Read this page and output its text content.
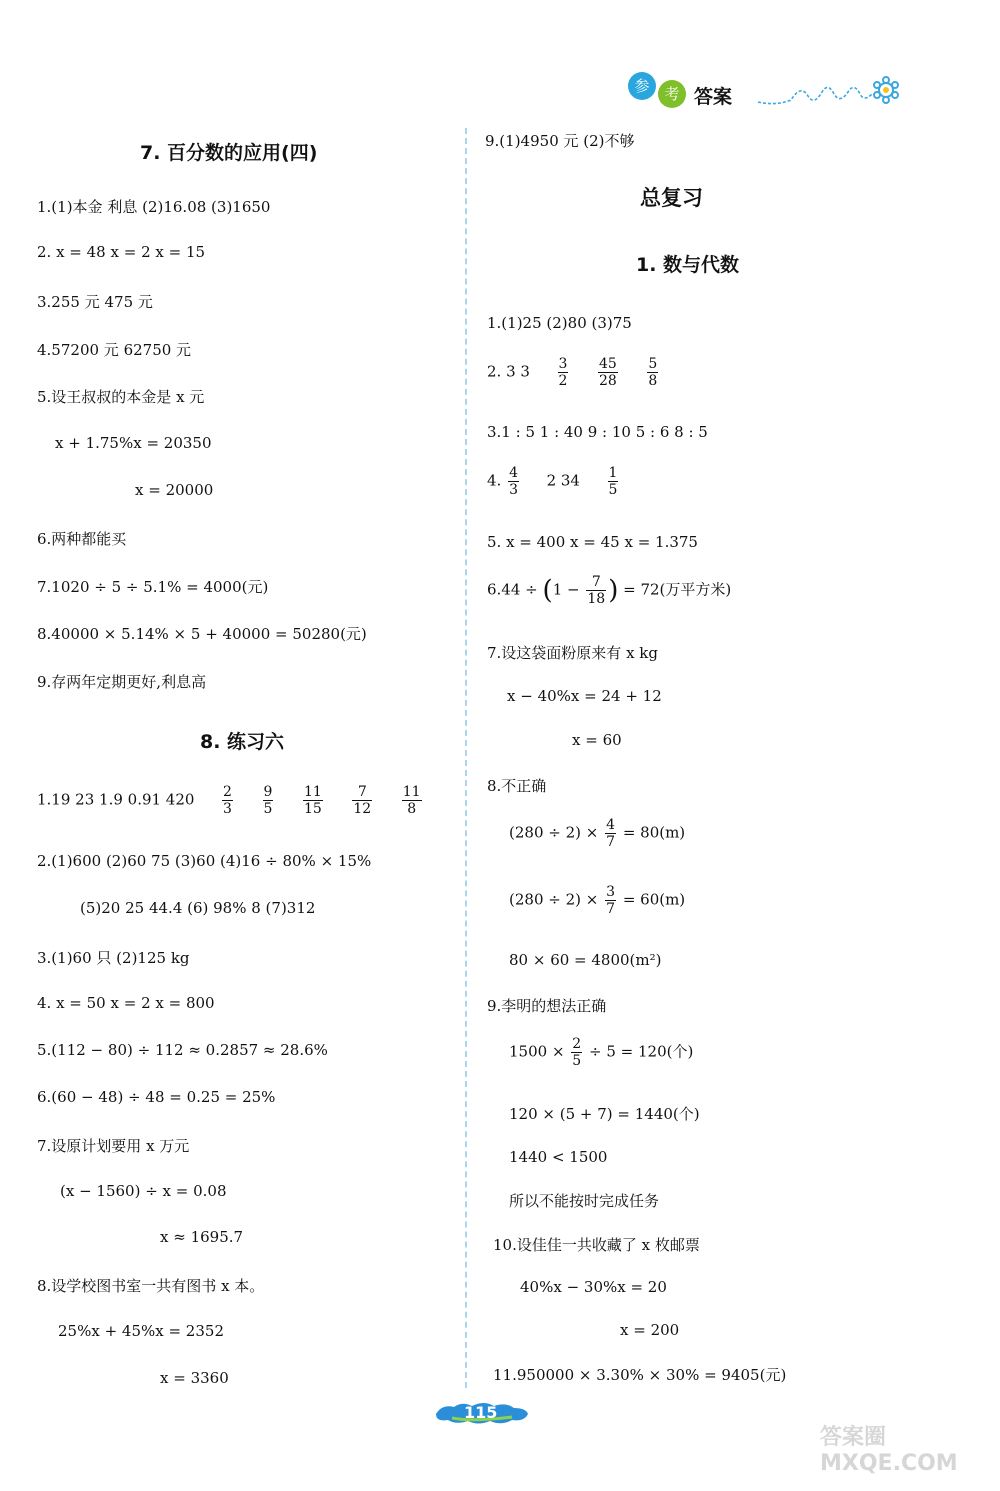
参 考 答案
7. 百分数的应用(四)
1.(1)本金 利息 (2)16.08 (3)1650
2. x = 48 x = 2 x = 15
3.255 元 475 元
4.57200 元 62750 元
5.设王叔叔的本金是 x 元
x + 1.75%x = 20350
x = 20000
6.两种都能买
7.1020 ÷ 5 ÷ 5.1% = 4000(元)
8.40000 × 5.14% × 5 + 40000 = 50280(元)
9.存两年定期更好,利息高
8. 练习六
1.19 23 1.9 0.91 $420 \frac{2}{3}$
$\frac{9}{5}$
$\frac{11}{15}$
$\frac{7}{12}$
$\frac{11}{8}$
2.(1)600 (2)60 75 (3)60 (4)16 ÷ 80% × 15%
(5)20 25 44.4 (6) 98% 8 (7)312
3.(1)60 只 (2)125 kg
4. x = 50 x = 2 x = 800
5.(112 − 80) ÷ 112 ≈ 0.2857 ≈ 28.6%
6.(60 − 48) ÷ 48 = 0.25 = 25%
7.设原计划要用 x 万元
(x − 1560) ÷ x = 0.08
x ≈ 1695.7
8.设学校图书室一共有图书 x 本。
25%x + 45%x = 2352
x = 3360
9.(1)4950 元 (2)不够
总复习
1. 数与代数
1.(1)25 (2)80 (3)75
2. 3 $3 \frac{3}{2}$
$\frac{45}{28}$
$\frac{5}{8}$
3.1 : 5 1 : 40 9 : 10 5 : 6 8 : 5
4. $\frac{4}{3} 2$ $34 \frac{1}{5}$
5. x = 400 x = 45 x = 1.375
$6.44 \div (1 - \frac{7}{18}$ ) = 72(万平方米)
7.设这袋面粉原来有 x kg
x − 40%x = 24 + 12
x = 60
8.不正确
$(280 \div 2) \times \frac{4}{7} = 80(m)$
$(280 \div 2) \times \frac{3}{7} = 60(m)$
80 × 60 = 4800(m²)
9.李明的想法正确
$1500 \times \frac{2}{5} \div 5 = 120$(个)
120 × (5 + 7) = 1440(个)
1440 < 1500
所以不能按时完成任务
10.设佳佳一共收藏了 x 枚邮票
40%x − 30%x = 20
x = 200
11.950000 × 3.30% × 30% = 9405(元)
115
答案圈 MXQE.COM
